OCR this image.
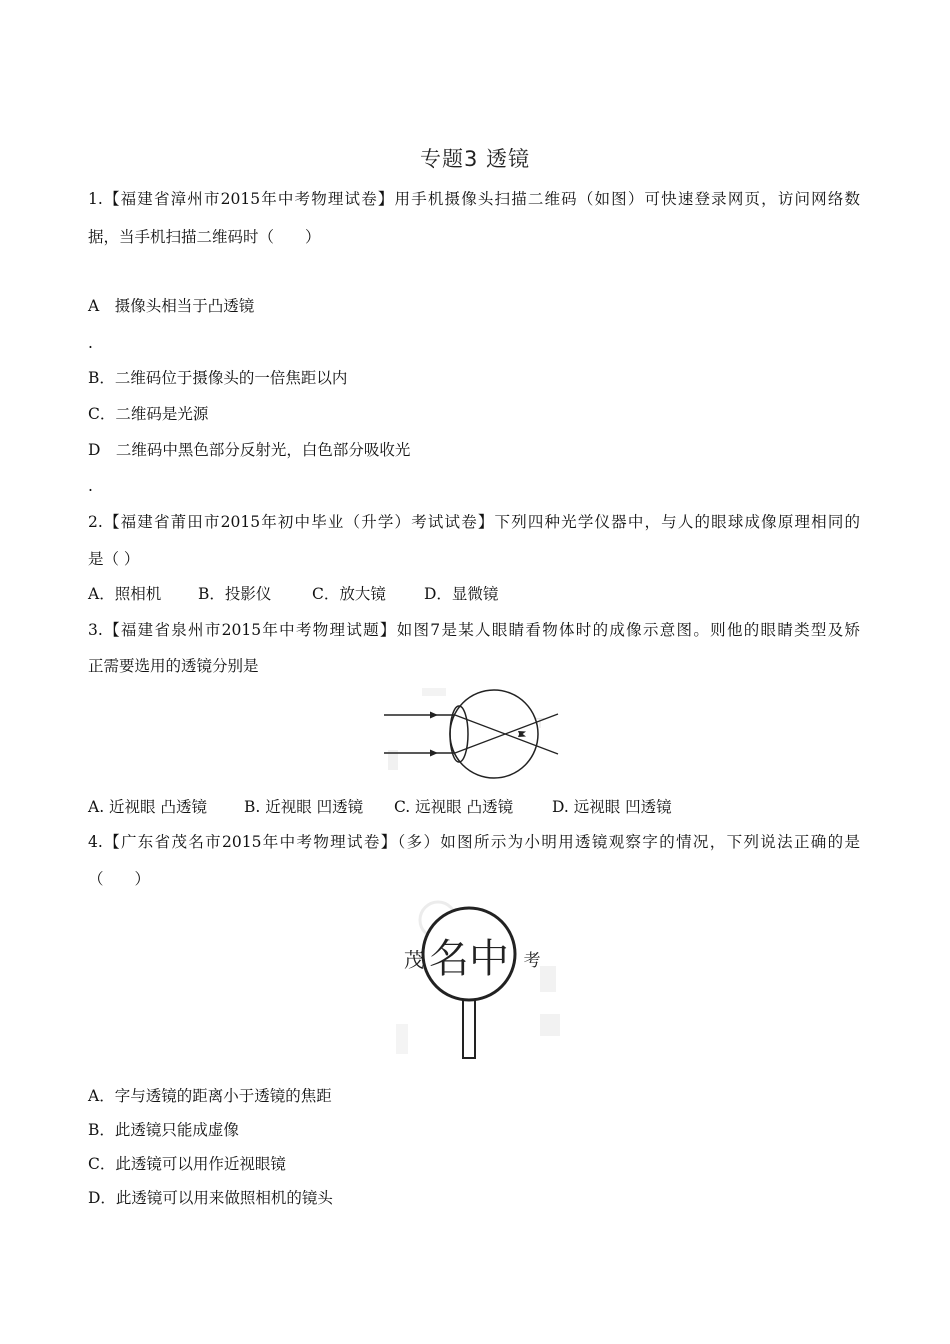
专题3 透镜
1.【福建省漳州市2015年中考物理试卷】用手机摄像头扫描二维码（如图）可快速登录网页，访问网络数
据，当手机扫描二维码时（　　）
A　摄像头相当于凸透镜
.
B．二维码位于摄像头的一倍焦距以内
C．二维码是光源
D　二维码中黑色部分反射光，白色部分吸收光
.
2.【福建省莆田市2015年初中毕业（升学）考试试卷】下列四种光学仪器中，与人的眼球成像原理相同的
是（ ）
A．照相机 B．投影仪	C．放大镜 D．显微镜
3.【福建省泉州市2015年中考物理试题】如图7是某人眼睛看物体时的成像示意图。则他的眼睛类型及矫
正需要选用的透镜分别是
T
A. 近视眼 凸透镜 B. 近视眼 凹透镜 C. 远视眼 凸透镜	D. 远视眼 凹透镜
4.【广东省茂名市2015年中考物理试卷】（多）如图所示为小明用透镜观察字的情况，下列说法正确的是
（　　）
茂 名中 考
A．字与透镜的距离小于透镜的焦距
B．此透镜只能成虚像
C．此透镜可以用作近视眼镜
D．此透镜可以用来做照相机的镜头
